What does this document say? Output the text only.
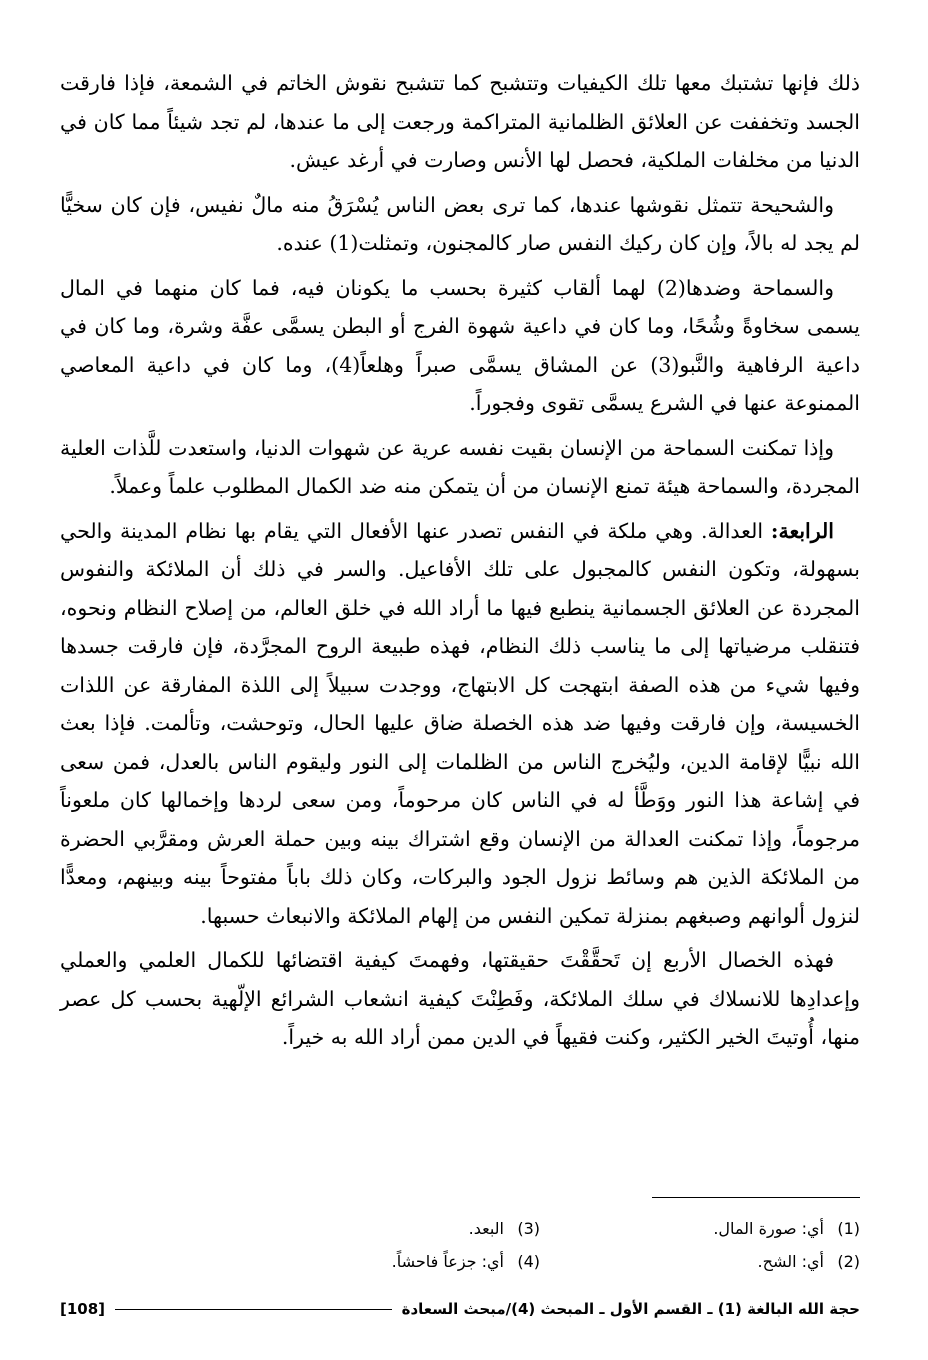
ذلك فإنها تشتبك معها تلك الكيفيات وتتشبح كما تتشبح نقوش الخاتم في الشمعة، فإذا فارقت الجسد وتخففت عن العلائق الظلمانية المتراكمة ورجعت إلى ما عندها، لم تجد شيئاً مما كان في الدنيا من مخلفات الملكية، فحصل لها الأنس وصارت في أرغد عيش.

والشحيحة تتمثل نقوشها عندها، كما ترى بعض الناس يُسْرَقُ منه مالٌ نفيس، فإن كان سخيًّا لم يجد له بالاً، وإن كان ركيك النفس صار كالمجنون، وتمثلت(1) عنده.

والسماحة وضدها(2) لهما ألقاب كثيرة بحسب ما يكونان فيه، فما كان منهما في المال يسمى سخاوةً وشُحًا، وما كان في داعية شهوة الفرج أو البطن يسمَّى عفَّة وشرة، وما كان في داعية الرفاهية والنَّبو(3) عن المشاق يسمَّى صبراً وهلعاً(4)، وما كان في داعية المعاصي الممنوعة عنها في الشرع يسمَّى تقوى وفجوراً.

وإذا تمكنت السماحة من الإنسان بقيت نفسه عرية عن شهوات الدنيا، واستعدت للَّذات العلية المجردة، والسماحة هيئة تمنع الإنسان من أن يتمكن منه ضد الكمال المطلوب علماً وعملاً.

الرابعة: العدالة. وهي ملكة في النفس تصدر عنها الأفعال التي يقام بها نظام المدينة والحي بسهولة، وتكون النفس كالمجبول على تلك الأفاعيل. والسر في ذلك أن الملائكة والنفوس المجردة عن العلائق الجسمانية ينطبع فيها ما أراد الله في خلق العالم، من إصلاح النظام ونحوه، فتنقلب مرضياتها إلى ما يناسب ذلك النظام، فهذه طبيعة الروح المجرَّدة، فإن فارقت جسدها وفيها شيء من هذه الصفة ابتهجت كل الابتهاج، ووجدت سبيلاً إلى اللذة المفارقة عن اللذات الخسيسة، وإن فارقت وفيها ضد هذه الخصلة ضاق عليها الحال، وتوحشت، وتألمت. فإذا بعث الله نبيًّا لإقامة الدين، وليُخرج الناس من الظلمات إلى النور وليقوم الناس بالعدل، فمن سعى في إشاعة هذا النور ووَطَّأ له في الناس كان مرحوماً، ومن سعى لردها وإخمالها كان ملعوناً مرجوماً، وإذا تمكنت العدالة من الإنسان وقع اشتراك بينه وبين حملة العرش ومقرَّبي الحضرة من الملائكة الذين هم وسائط نزول الجود والبركات، وكان ذلك باباً مفتوحاً بينه وبينهم، ومعدًّا لنزول ألوانهم وصبغهم بمنزلة تمكين النفس من إلهام الملائكة والانبعاث حسبها.

فهذه الخصال الأربع إن تَحقَّقْتَ حقيقتها، وفهمتَ كيفية اقتضائها للكمال العلمي والعملي وإعدادِها للانسلاك في سلك الملائكة، وفَطِنْتَ كيفية انشعاب الشرائع الإلّهية بحسب كل عصر منها، أُوتيتَ الخير الكثير، وكنت فقيهاً في الدين ممن أراد الله به خيراً.

(1)أي: صورة المال.
(3)البعد.
(2)أي: الشح.
(4)أي: جزعاً فاحشاً.
حجة الله البالغة (1) ـ القسم الأول ـ المبحث (4)/مبحث السعادة
[108]
